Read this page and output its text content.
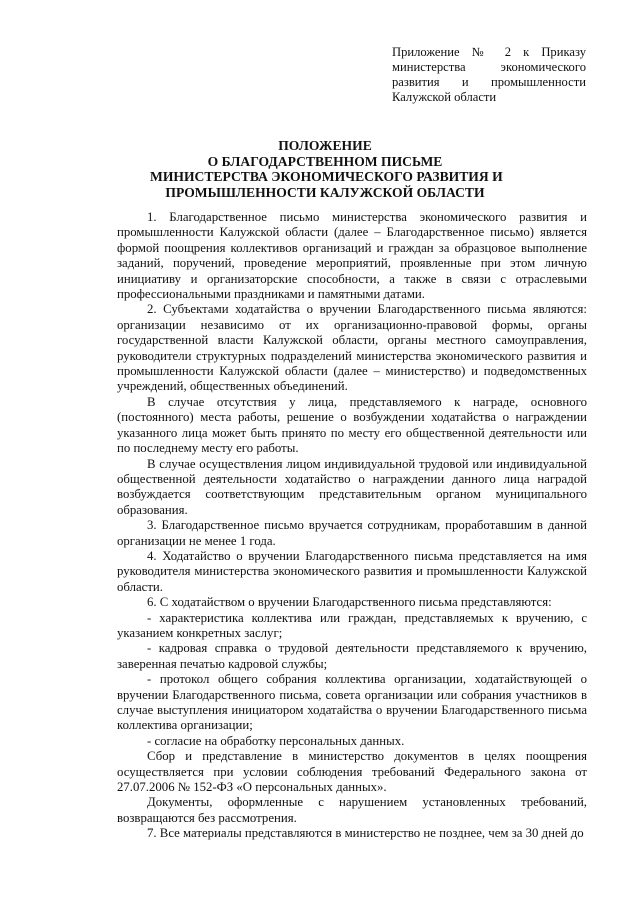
Приложение № 2 к Приказу министерства экономического развития и промышленности Калужской области
ПОЛОЖЕНИЕ
О БЛАГОДАРСТВЕННОМ ПИСЬМЕ
МИНИСТЕРСТВА ЭКОНОМИЧЕСКОГО РАЗВИТИЯ И
ПРОМЫШЛЕННОСТИ КАЛУЖСКОЙ ОБЛАСТИ

1. Благодарственное письмо министерства экономического развития и промышленности Калужской области (далее – Благодарственное письмо) является формой поощрения коллективов организаций и граждан за образцовое выполнение заданий, поручений, проведение мероприятий, проявленные при этом личную инициативу и организаторские способности, а также в связи с отраслевыми профессиональными праздниками и памятными датами.

2. Субъектами ходатайства о вручении Благодарственного письма являются: организации независимо от их организационно-правовой формы, органы государственной власти Калужской области, органы местного самоуправления, руководители структурных подразделений министерства экономического развития и промышленности Калужской области (далее – министерство) и подведомственных учреждений, общественных объединений.

В случае отсутствия у лица, представляемого к награде, основного (постоянного) места работы, решение о возбуждении ходатайства о награждении указанного лица может быть принято по месту его общественной деятельности или по последнему месту его работы.

В случае осуществления лицом индивидуальной трудовой или индивидуальной общественной деятельности ходатайство о награждении данного лица наградой возбуждается соответствующим представительным органом муниципального образования.

3. Благодарственное письмо вручается сотрудникам, проработавшим в данной организации не менее 1 года.

4. Ходатайство о вручении Благодарственного письма представляется на имя руководителя министерства экономического развития и промышленности Калужской области.

6. С ходатайством о вручении Благодарственного письма представляются:

- характеристика коллектива или граждан, представляемых к вручению, с указанием конкретных заслуг;

- кадровая справка о трудовой деятельности представляемого к вручению, заверенная печатью кадровой службы;

- протокол общего собрания коллектива организации, ходатайствующей о вручении Благодарственного письма, совета организации или собрания участников в случае выступления инициатором ходатайства о вручении Благодарственного письма коллектива организации;

- согласие на обработку персональных данных.

Сбор и представление в министерство документов в целях поощрения осуществляется при условии соблюдения требований Федерального закона от 27.07.2006 № 152-ФЗ «О персональных данных».

Документы, оформленные с нарушением установленных требований, возвращаются без рассмотрения.

7. Все материалы представляются в министерство не позднее, чем за 30 дней до
